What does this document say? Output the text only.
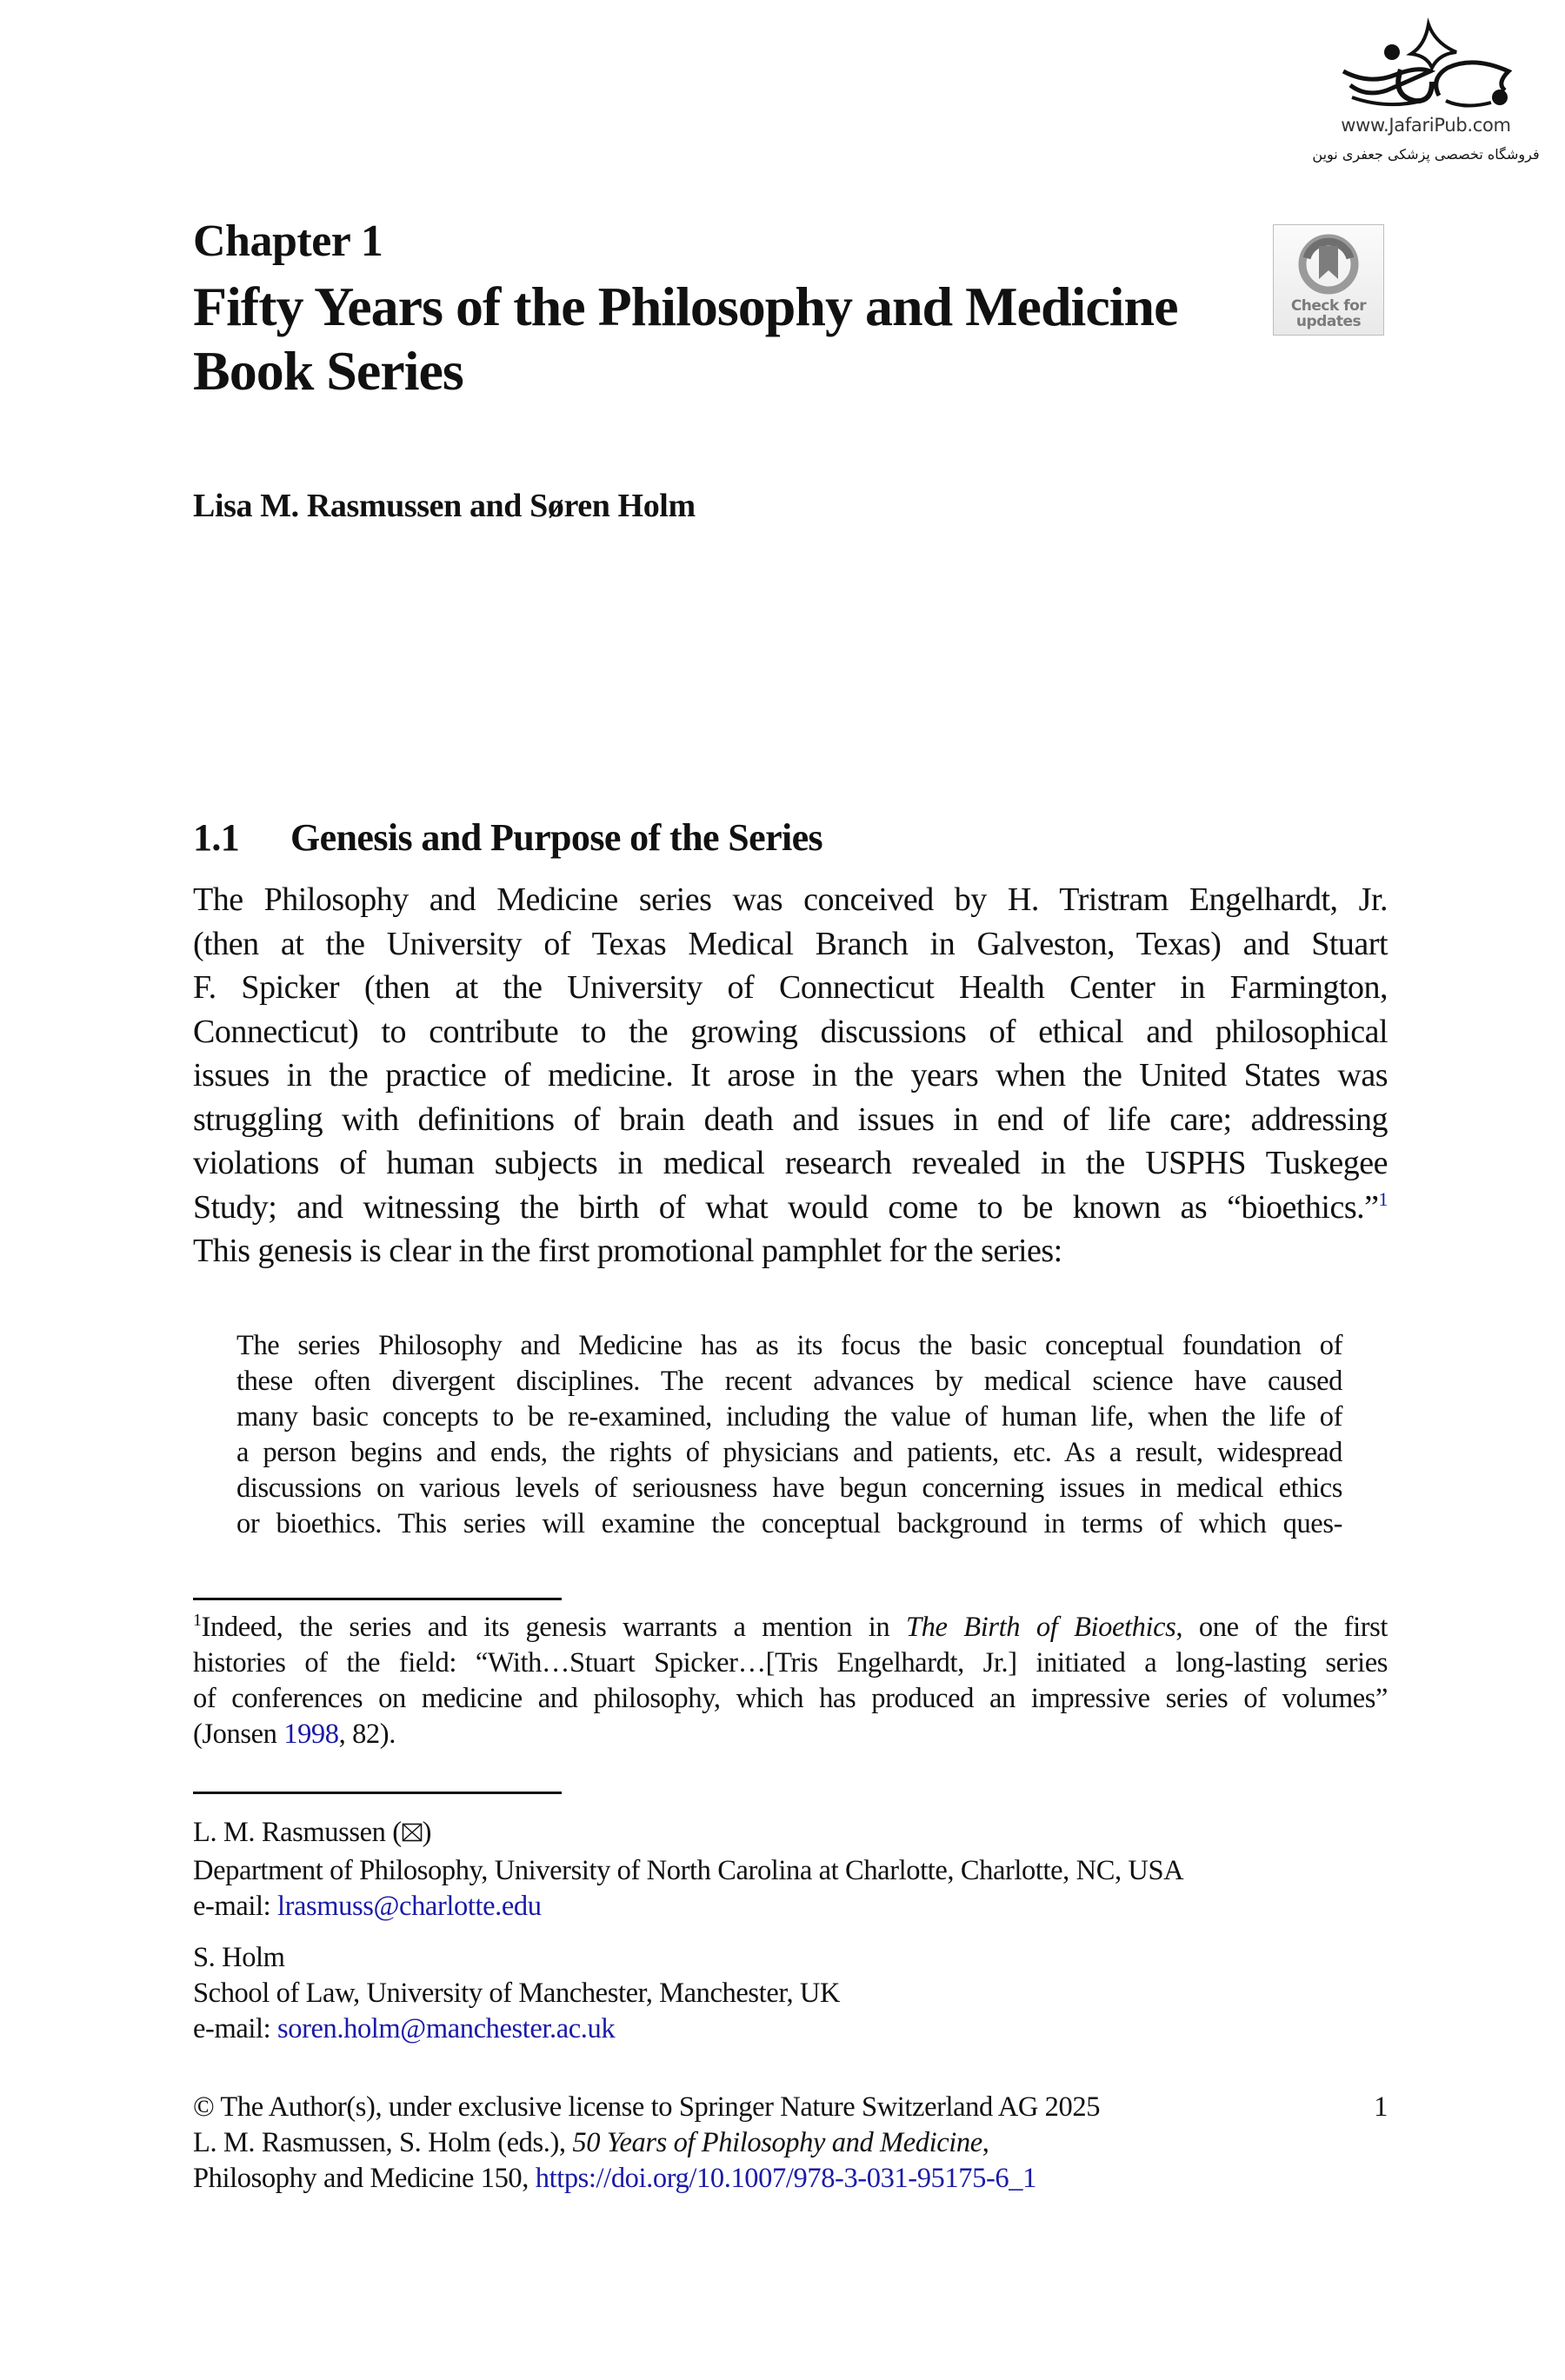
www.JafariPub.com
فروشگاه تخصصی پزشکی جعفری نوین
Chapter 1
Fifty Years of the Philosophy and Medicine
Book Series
Check for
updates
Lisa M. Rasmussen and Søren Holm
1.1 Genesis and Purpose of the Series
The Philosophy and Medicine series was conceived by H. Tristram Engelhardt, Jr.
(then at the University of Texas Medical Branch in Galveston, Texas) and Stuart
F. Spicker (then at the University of Connecticut Health Center in Farmington,
Connecticut) to contribute to the growing discussions of ethical and philosophical
issues in the practice of medicine. It arose in the years when the United States was
struggling with definitions of brain death and issues in end of life care; addressing
violations of human subjects in medical research revealed in the USPHS Tuskegee
Study; and witnessing the birth of what would come to be known as “bioethics.”$^1$
This genesis is clear in the first promotional pamphlet for the series:
The series Philosophy and Medicine has as its focus the basic conceptual foundation of
these often divergent disciplines. The recent advances by medical science have caused
many basic concepts to be re-examined, including the value of human life, when the life of
a person begins and ends, the rights of physicians and patients, etc. As a result, widespread
discussions on various levels of seriousness have begun concerning issues in medical ethics
or bioethics. This series will examine the conceptual background in terms of which ques-
$^1$Indeed, the series and its genesis warrants a mention in The Birth of Bioethics, one of the first
histories of the field: “With…Stuart Spicker…[Tris Engelhardt, Jr.] initiated a long-lasting series
of conferences on medicine and philosophy, which has produced an impressive series of volumes”
(Jonsen 1998, 82).
L. M. Rasmussen ( )
Department of Philosophy, University of North Carolina at Charlotte, Charlotte, NC, USA
e-mail: lrasmuss@charlotte.edu
S. Holm
School of Law, University of Manchester, Manchester, UK
e-mail: soren.holm@manchester.ac.uk
© The Author(s), under exclusive license to Springer Nature Switzerland AG 2025	1
L. M. Rasmussen, S. Holm (eds.), 50 Years of Philosophy and Medicine,
Philosophy and Medicine 150, https://doi.org/10.1007/978-3-031-95175-6_1
